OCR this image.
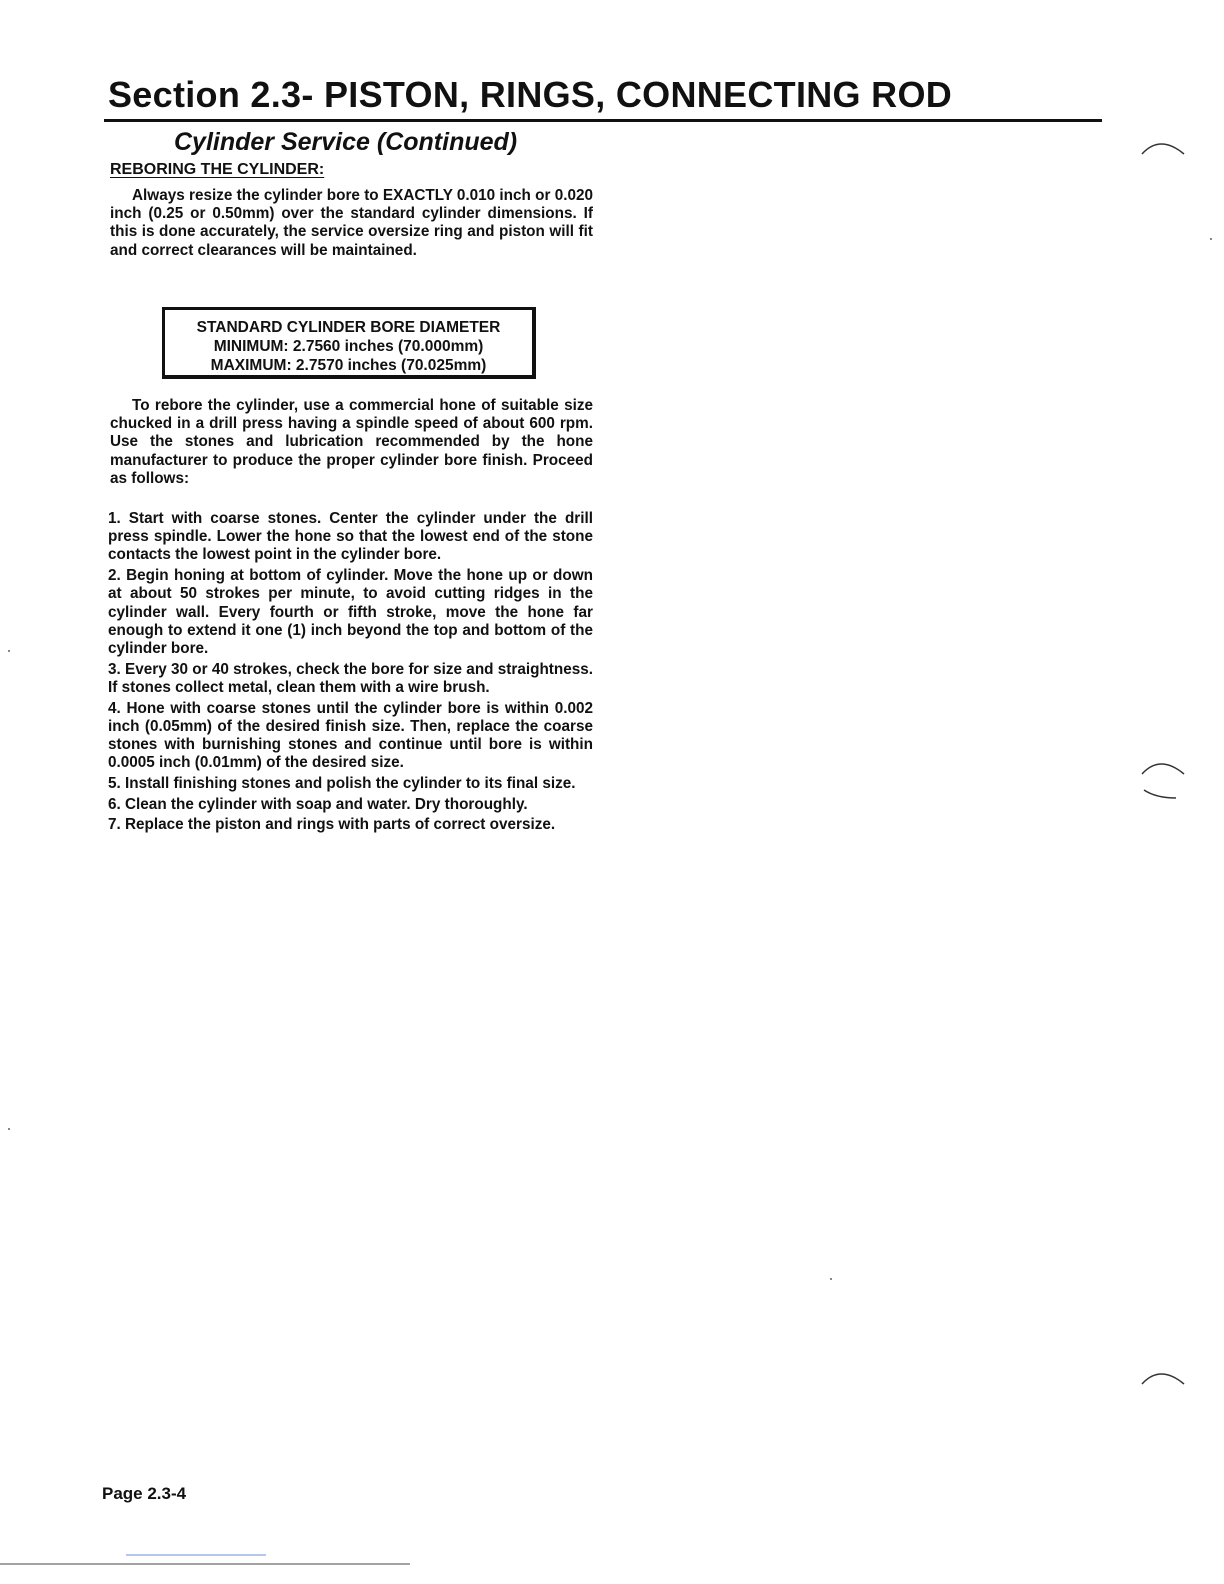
Section 2.3- PISTON, RINGS, CONNECTING ROD
Cylinder Service (Continued)
REBORING THE CYLINDER:

Always resize the cylinder bore to EXACTLY 0.010 inch or 0.020 inch (0.25 or 0.50mm) over the standard cylinder dimensions. If this is done accurately, the service oversize ring and piston will fit and correct clearances will be maintained.

STANDARD CYLINDER BORE DIAMETER
MINIMUM: 2.7560 inches (70.000mm)
MAXIMUM: 2.7570 inches (70.025mm)

To rebore the cylinder, use a commercial hone of suitable size chucked in a drill press having a spindle speed of about 600 rpm. Use the stones and lubrication recommended by the hone manufacturer to produce the proper cylinder bore finish. Proceed as follows:

1. Start with coarse stones. Center the cylinder under the drill press spindle. Lower the hone so that the lowest end of the stone contacts the lowest point in the cylinder bore.
2. Begin honing at bottom of cylinder. Move the hone up or down at about 50 strokes per minute, to avoid cutting ridges in the cylinder wall. Every fourth or fifth stroke, move the hone far enough to extend it one (1) inch beyond the top and bottom of the cylinder bore.
3. Every 30 or 40 strokes, check the bore for size and straightness. If stones collect metal, clean them with a wire brush.
4. Hone with coarse stones until the cylinder bore is within 0.002 inch (0.05mm) of the desired finish size. Then, replace the coarse stones with burnishing stones and continue until bore is within 0.0005 inch (0.01mm) of the desired size.
5. Install finishing stones and polish the cylinder to its final size.
6. Clean the cylinder with soap and water. Dry thoroughly.
7. Replace the piston and rings with parts of correct oversize.
Page 2.3-4
